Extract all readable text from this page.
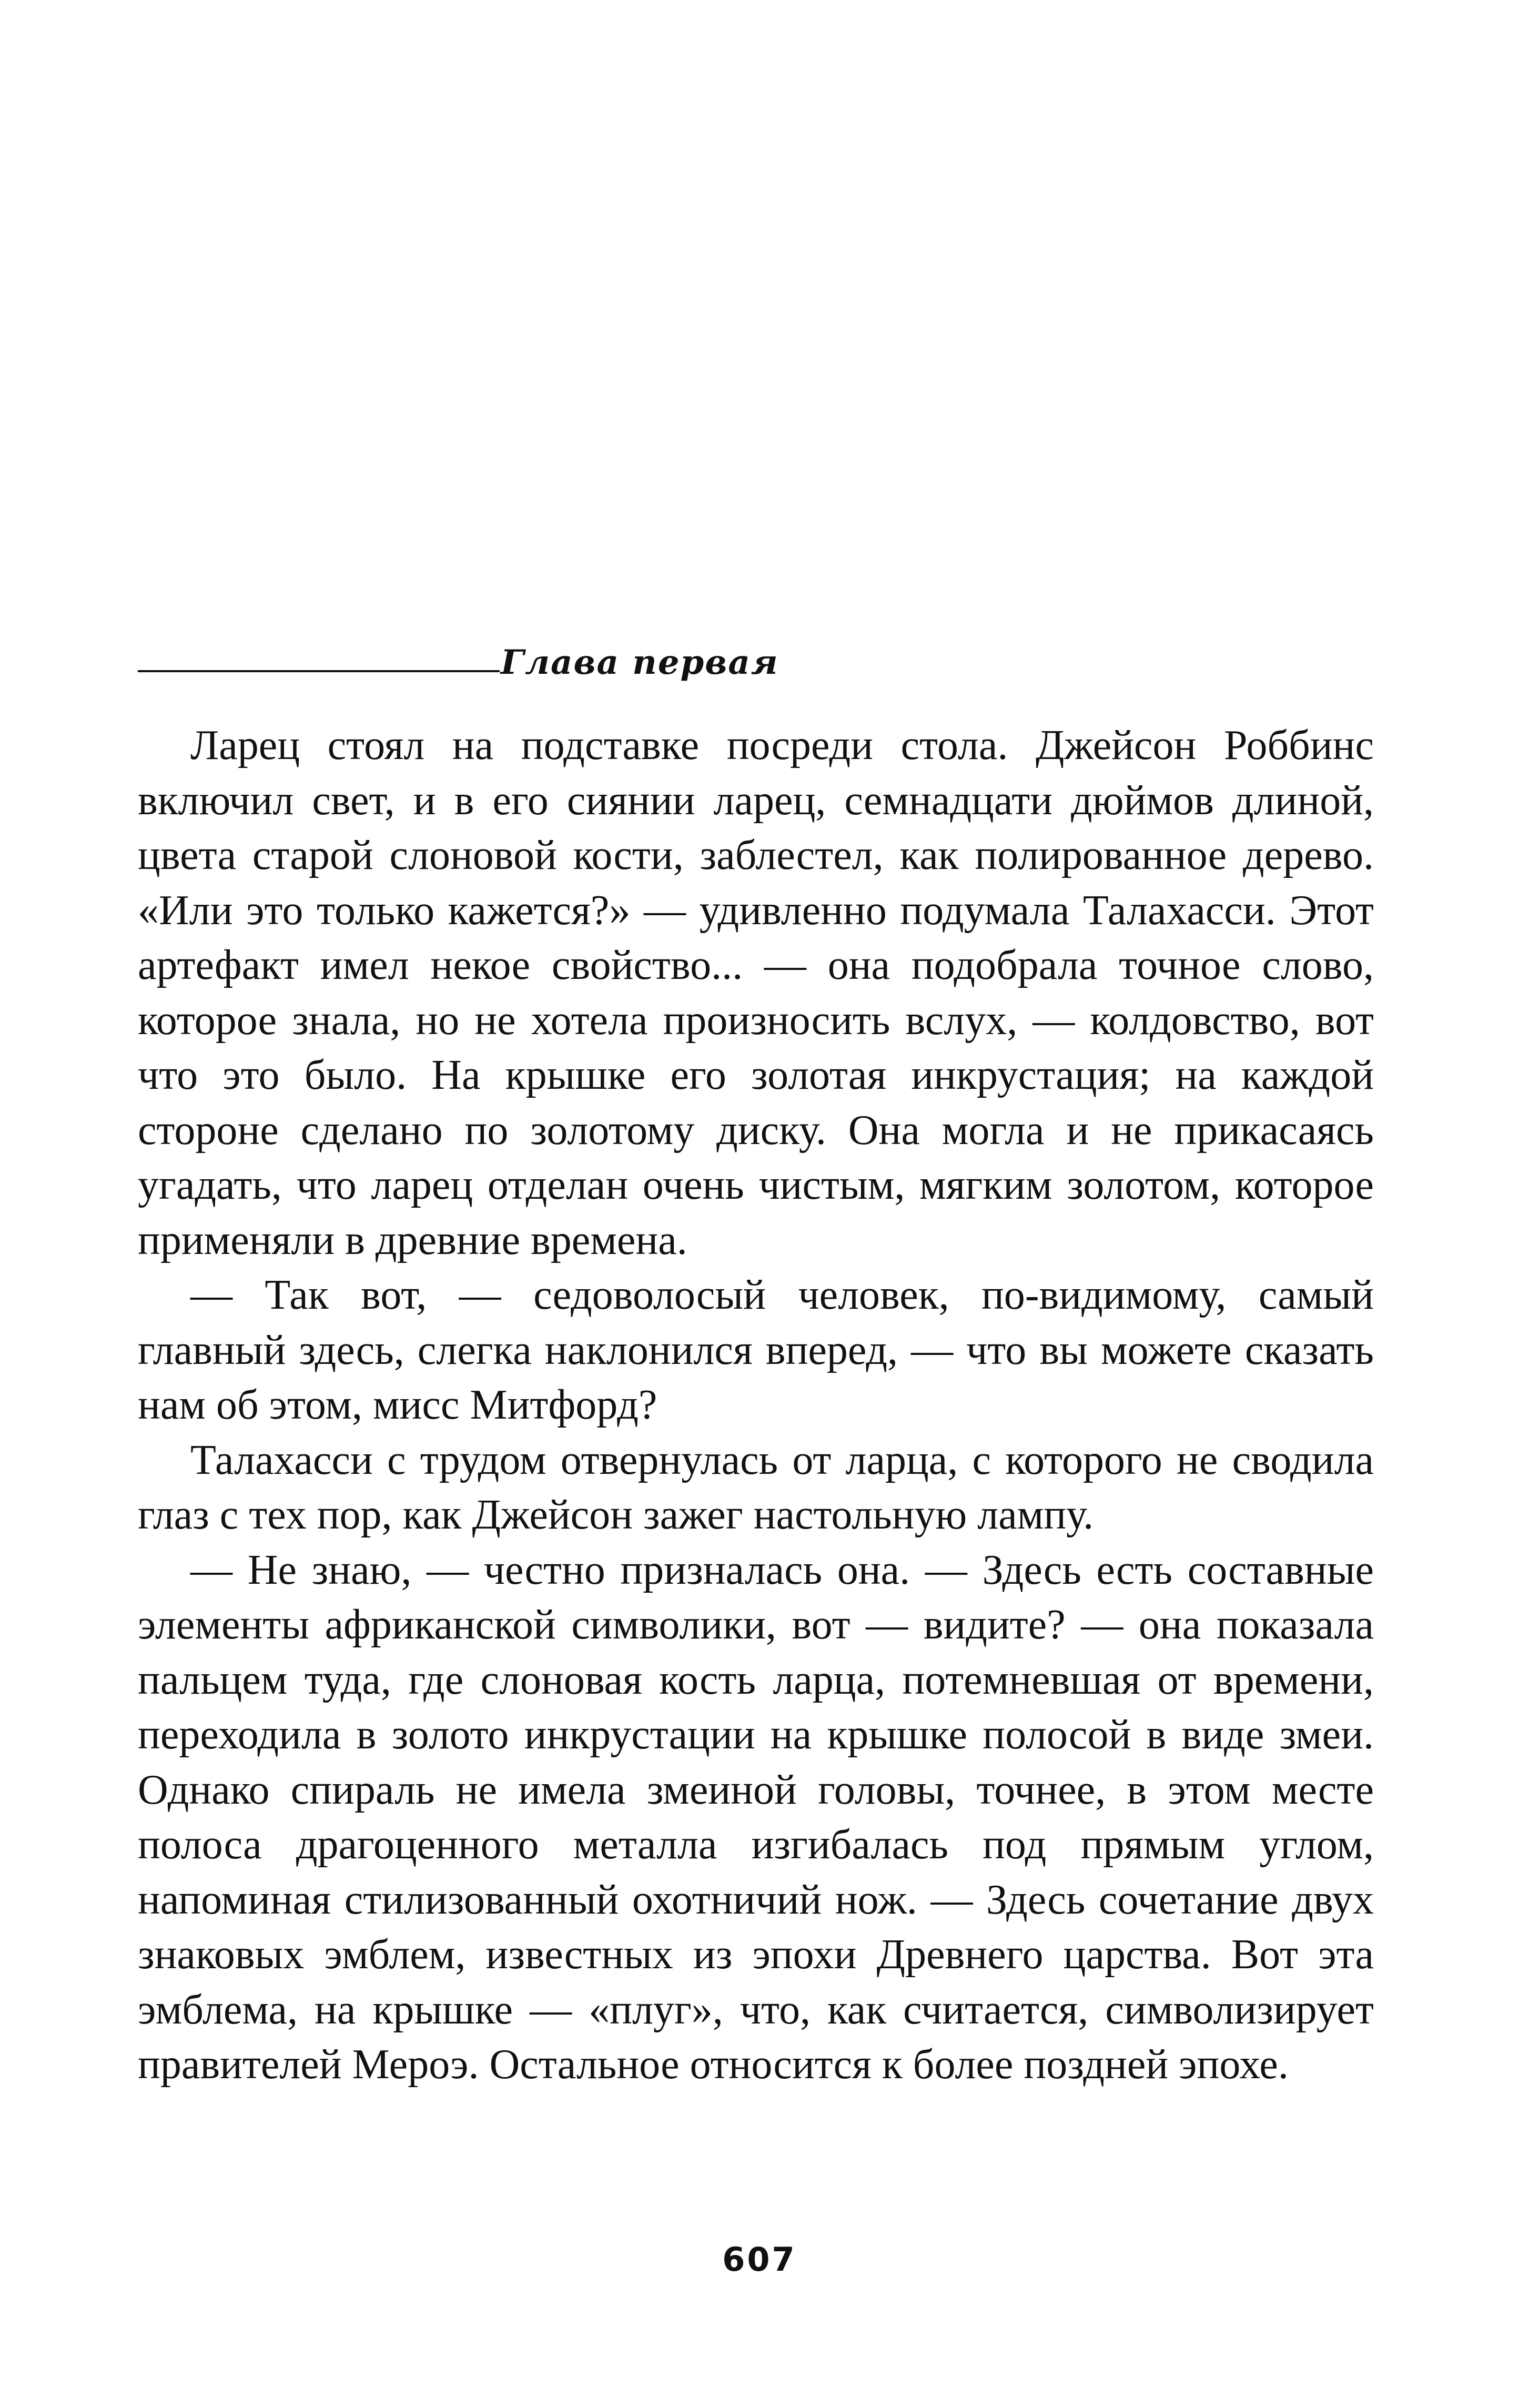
Глава первая

Ларец стоял на подставке посреди стола. Джейсон Роббинс включил свет, и в его сиянии ларец, семнадцати дюймов длиной, цвета старой слоновой кости, заблестел, как полированное дерево. «Или это только кажется?» — удивленно подумала Талахасси. Этот артефакт имел некое свойство... — она подобрала точное слово, которое знала, но не хотела произносить вслух, — колдовство, вот что это было. На крышке его золотая инкрустация; на каждой стороне сделано по золотому диску. Она могла и не прикасаясь угадать, что ларец отделан очень чистым, мягким золотом, которое применяли в древние времена.

— Так вот, — седоволосый человек, по-видимому, самый главный здесь, слегка наклонился вперед, — что вы можете сказать нам об этом, мисс Митфорд?

Талахасси с трудом отвернулась от ларца, с которого не сводила глаз с тех пор, как Джейсон зажег настольную лампу.

— Не знаю, — честно призналась она. — Здесь есть составные элементы африканской символики, вот — видите? — она показала пальцем туда, где слоновая кость ларца, потемневшая от времени, переходила в золото инкрустации на крышке полосой в виде змеи. Однако спираль не имела змеиной головы, точнее, в этом месте полоса драгоценного металла изгибалась под прямым углом, напоминая стилизованный охотничий нож. — Здесь сочетание двух знаковых эмблем, известных из эпохи Древнего царства. Вот эта эмблема, на крышке — «плуг», что, как считается, символизирует правителей Мероэ. Остальное относится к более поздней эпохе.

607
